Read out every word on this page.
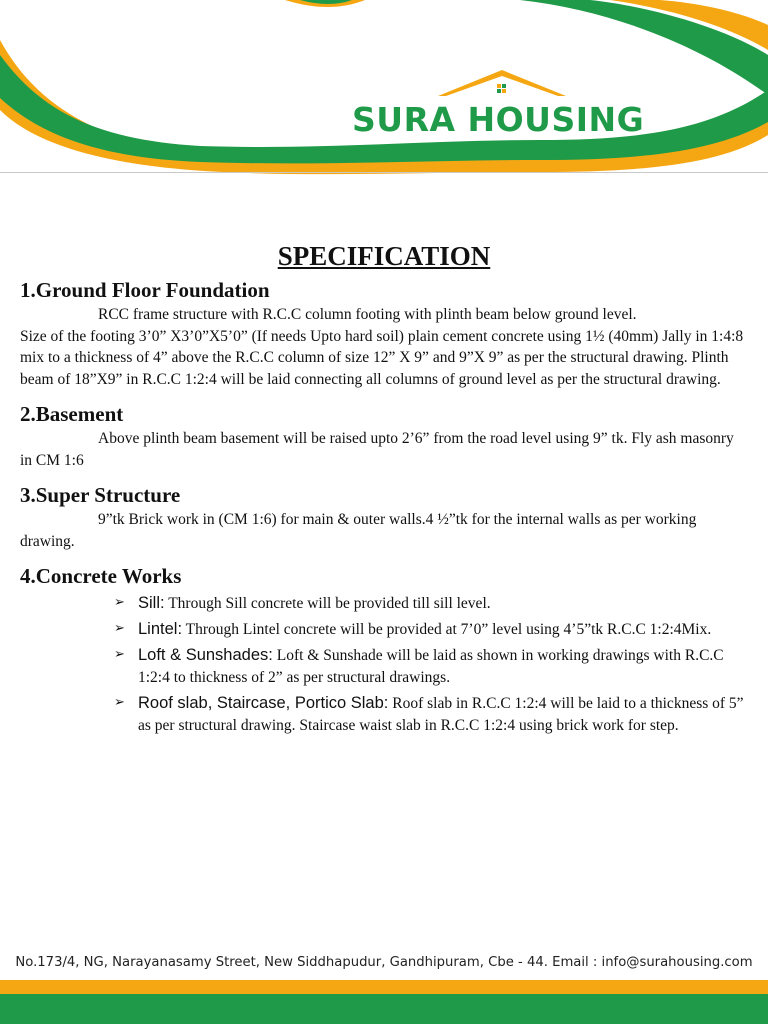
SURA HOUSING
SPECIFICATION
1.Ground Floor Foundation

RCC frame structure with R.C.C column footing with plinth beam below ground level.

Size of the footing 3’0” X3’0”X5’0” (If needs Upto hard soil) plain cement concrete using 1½ (40mm) Jally in 1:4:8 mix to a thickness of 4” above the R.C.C column of size 12” X 9” and 9”X 9” as per the structural drawing. Plinth beam of 18”X9” in R.C.C 1:2:4 will be laid connecting all columns of ground level as per the structural drawing.

2.Basement

Above plinth beam basement will be raised upto 2’6” from the road level using 9” tk. Fly ash masonry in CM 1:6

3.Super Structure

9”tk Brick work in (CM 1:6) for main & outer walls.4 ½”tk for the internal walls as per working drawing.

4.Concrete Works
➢ Sill: Through Sill concrete will be provided till sill level.
➢ Lintel: Through Lintel concrete will be provided at 7’0” level using 4’5”tk R.C.C 1:2:4Mix.
➢ Loft & Sunshades: Loft & Sunshade will be laid as shown in working drawings with R.C.C 1:2:4 to thickness of 2” as per structural drawings.
➢ Roof slab, Staircase, Portico Slab: Roof slab in R.C.C 1:2:4 will be laid to a thickness of 5” as per structural drawing. Staircase waist slab in R.C.C 1:2:4 using brick work for step.
No.173/4, NG, Narayanasamy Street, New Siddhapudur, Gandhipuram, Cbe - 44. Email : info@surahousing.com
